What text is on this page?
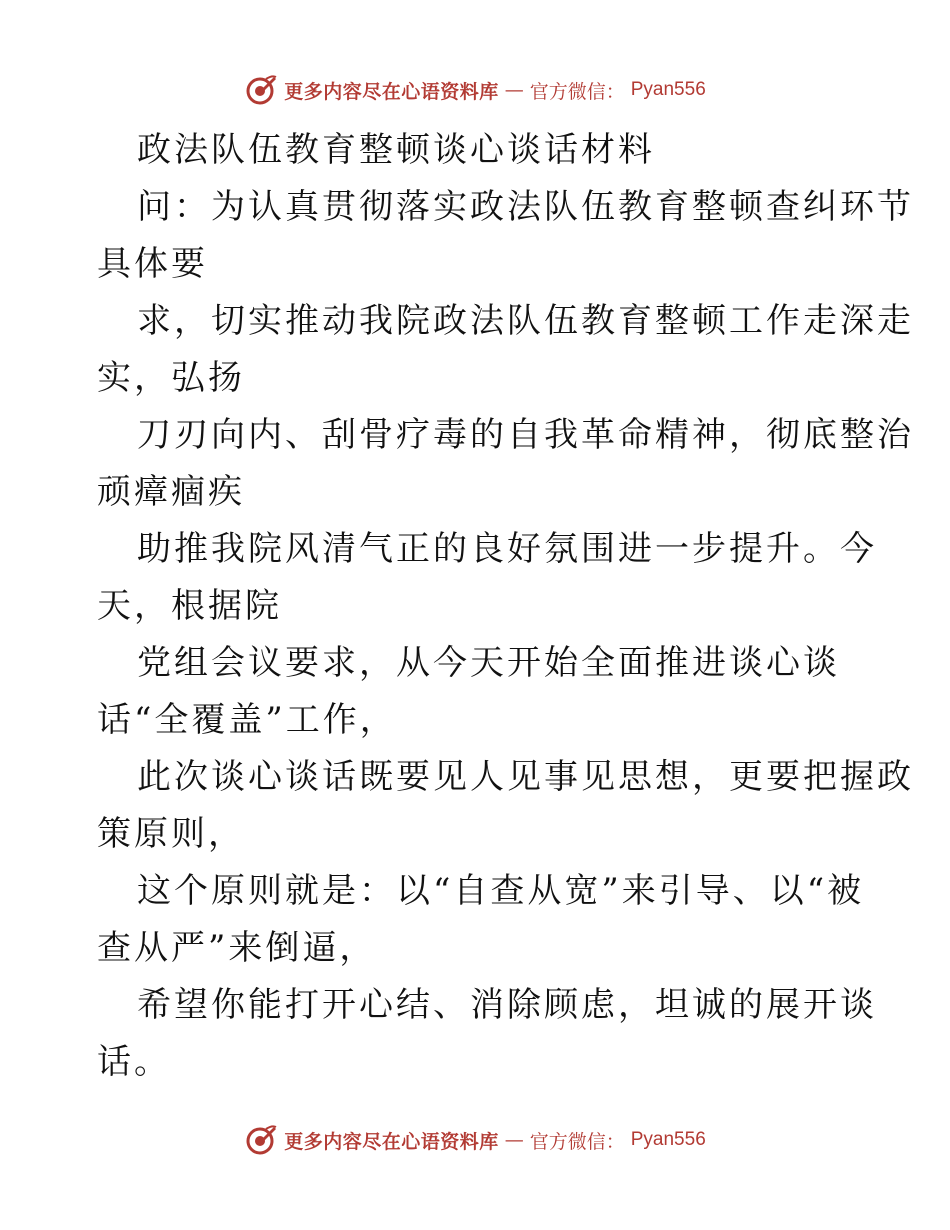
更多内容尽在心语资料库 — 官方微信： Pyan556
政法队伍教育整顿谈心谈话材料
问：为认真贯彻落实政法队伍教育整顿查纠环节
具体要
求，切实推动我院政法队伍教育整顿工作走深走
实，弘扬
刀刃向内、刮骨疗毒的自我革命精神，彻底整治
顽瘴痼疾
助推我院风清气正的良好氛围进一步提升。今
天，根据院
党组会议要求，从今天开始全面推进谈心谈
话“全覆盖”工作，
此次谈心谈话既要见人见事见思想，更要把握政
策原则，
这个原则就是：以“自查从宽”来引导、以“被
查从严”来倒逼，
希望你能打开心结、消除顾虑，坦诚的展开谈
话。
更多内容尽在心语资料库 — 官方微信： Pyan556
